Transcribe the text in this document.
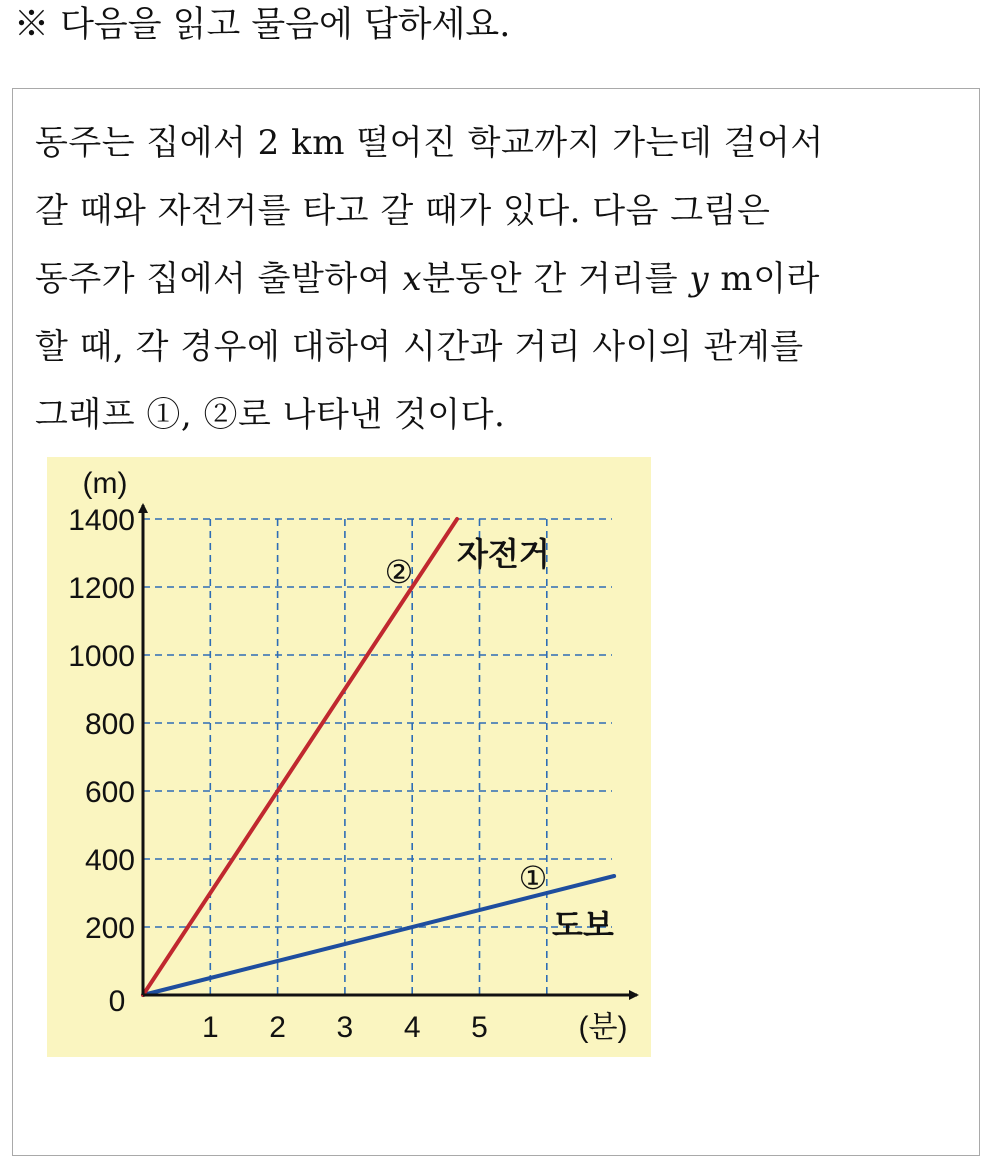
※ 다음을 읽고 물음에 답하세요.
동주는 집에서 2 km 떨어진 학교까지 가는데 걸어서
갈 때와 자전거를 타고 갈 때가 있다. 다음 그림은
동주가 집에서 출발하여 x분동안 간 거리를 y m이라
할 때, 각 경우에 대하여 시간과 거리 사이의 관계를
그래프 ①, ②로 나타낸 것이다.
200
400
600
800
1000
1200
1400
0
1 2 3 4 5
(m)
(분)
② 자전거
①
도보
